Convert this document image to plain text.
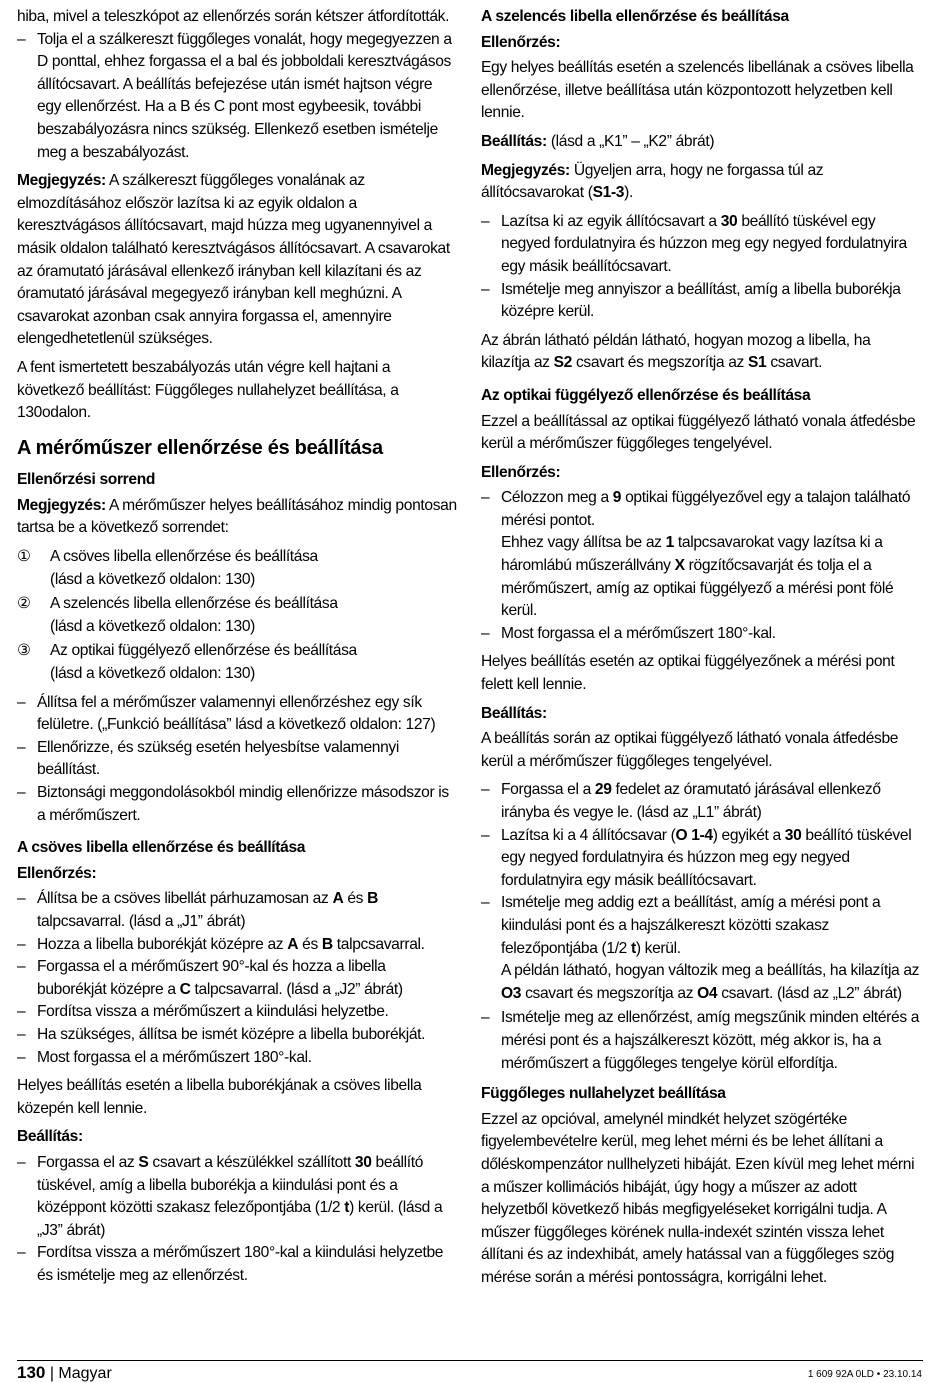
hiba, mivel a teleszkópot az ellenőrzés során kétszer átfordították.

– Tolja el a szálkereszt függőleges vonalát, hogy megegyezzen a D ponttal, ehhez forgassa el a bal és jobboldali keresztvágásos állítócsavart. A beállítás befejezése után ismét hajtson végre egy ellenőrzést. Ha a B és C pont most egybeesik, további beszabályozásra nincs szükség. Ellenkező esetben ismételje meg a beszabályozást.

Megjegyzés: A szálkereszt függőleges vonalának az elmozdításához először lazítsa ki az egyik oldalon a keresztvágásos állítócsavart, majd húzza meg ugyanennyivel a másik oldalon található keresztvágásos állítócsavart. A csavarokat az óramutató járásával ellenkező irányban kell kilazítani és az óramutató járásával megegyező irányban kell meghúzni. A csavarokat azonban csak annyira forgassa el, amennyire elengedhetetlenül szükséges.

A fent ismertetett beszabályozás után végre kell hajtani a következő beállítást: Függőleges nullahelyzet beállítása, a 130odalon.

A mérőműszer ellenőrzése és beállítása
Ellenőrzési sorrend

Megjegyzés: A mérőműszer helyes beállításához mindig pontosan tartsa be a következő sorrendet:

① A csöves libella ellenőrzése és beállítása
(lásd a következő oldalon: 130)
② A szelencés libella ellenőrzése és beállítása
(lásd a következő oldalon: 130)
③ Az optikai függélyező ellenőrzése és beállítása
(lásd a következő oldalon: 130)
– Állítsa fel a mérőműszer valamennyi ellenőrzéshez egy sík felületre. („Funkció beállítása” lásd a következő oldalon: 127)
– Ellenőrizze, és szükség esetén helyesbítse valamennyi beállítást.
– Biztonsági meggondolásokból mindig ellenőrizze másodszor is a mérőműszert.
A csöves libella ellenőrzése és beállítása
Ellenőrzés:
– Állítsa be a csöves libellát párhuzamosan az A és B talpcsavarral. (lásd a „J1” ábrát)
– Hozza a libella buborékját középre az A és B talpcsavarral.
– Forgassa el a mérőműszert 90°-kal és hozza a libella buborékját középre a C talpcsavarral. (lásd a „J2” ábrát)
– Fordítsa vissza a mérőműszert a kiindulási helyzetbe.
– Ha szükséges, állítsa be ismét középre a libella buborékját.
– Most forgassa el a mérőműszert 180°-kal.

Helyes beállítás esetén a libella buborékjának a csöves libella közepén kell lennie.

Beállítás:
– Forgassa el az S csavart a készülékkel szállított 30 beállító tüskével, amíg a libella buborékja a kiindulási pont és a középpont közötti szakasz felezőpontjába (1/2 t) kerül. (lásd a „J3” ábrát)
– Fordítsa vissza a mérőműszert 180°-kal a kiindulási helyzetbe és ismételje meg az ellenőrzést.
A szelencés libella ellenőrzése és beállítása
Ellenőrzés:

Egy helyes beállítás esetén a szelencés libellának a csöves libella ellenőrzése, illetve beállítása után központozott helyzetben kell lennie.

Beállítás: (lásd a „K1” – „K2” ábrát)

Megjegyzés: Ügyeljen arra, hogy ne forgassa túl az állítócsavarokat (S1-3).

– Lazítsa ki az egyik állítócsavart a 30 beállító tüskével egy negyed fordulatnyira és húzzon meg egy negyed fordulatnyira egy másik beállítócsavart.
– Ismételje meg annyiszor a beállítást, amíg a libella buborékja középre kerül.

Az ábrán látható példán látható, hogyan mozog a libella, ha kilazítja az S2 csavart és megszorítja az S1 csavart.

Az optikai függélyező ellenőrzése és beállítása

Ezzel a beállítással az optikai függélyező látható vonala átfedésbe kerül a mérőműszer függőleges tengelyével.

Ellenőrzés:
– Célozzon meg a 9 optikai függélyezővel egy a talajon található mérési pontot.
Ehhez vagy állítsa be az 1 talpcsavarokat vagy lazítsa ki a háromlábú műszerállvány X rögzítőcsavarját és tolja el a mérőműszert, amíg az optikai függélyező a mérési pont fölé kerül.
– Most forgassa el a mérőműszert 180°-kal.

Helyes beállítás esetén az optikai függélyezőnek a mérési pont felett kell lennie.

Beállítás:

A beállítás során az optikai függélyező látható vonala átfedésbe kerül a mérőműszer függőleges tengelyével.

– Forgassa el a 29 fedelet az óramutató járásával ellenkező irányba és vegye le. (lásd az „L1” ábrát)
– Lazítsa ki a 4 állítócsavar (O 1-4) egyikét a 30 beállító tüskével egy negyed fordulatnyira és húzzon meg egy negyed fordulatnyira egy másik beállítócsavart.
– Ismételje meg addig ezt a beállítást, amíg a mérési pont a kiindulási pont és a hajszálkereszt közötti szakasz felezőpontjába (1/2 t) kerül.
A példán látható, hogyan változik meg a beállítás, ha kilazítja az O3 csavart és megszorítja az O4 csavart. (lásd az „L2” ábrát)
– Ismételje meg az ellenőrzést, amíg megszűnik minden eltérés a mérési pont és a hajszálkereszt között, még akkor is, ha a mérőműszert a függőleges tengelye körül elfordítja.
Függőleges nullahelyzet beállítása

Ezzel az opcióval, amelynél mindkét helyzet szögértéke figyelembevételre kerül, meg lehet mérni és be lehet állítani a dőléskompenzátor nullhelyzeti hibáját. Ezen kívül meg lehet mérni a műszer kollimációs hibáját, úgy hogy a műszer az adott helyzetből következő hibás megfigyeléseket korrigálni tudja. A műszer függőleges körének nulla-indexét szintén vissza lehet állítani és az indexhibát, amely hatással van a függőleges szög mérése során a mérési pontosságra, korrigálni lehet.

130 | Magyar	1 609 92A 0LD • 23.10.14
